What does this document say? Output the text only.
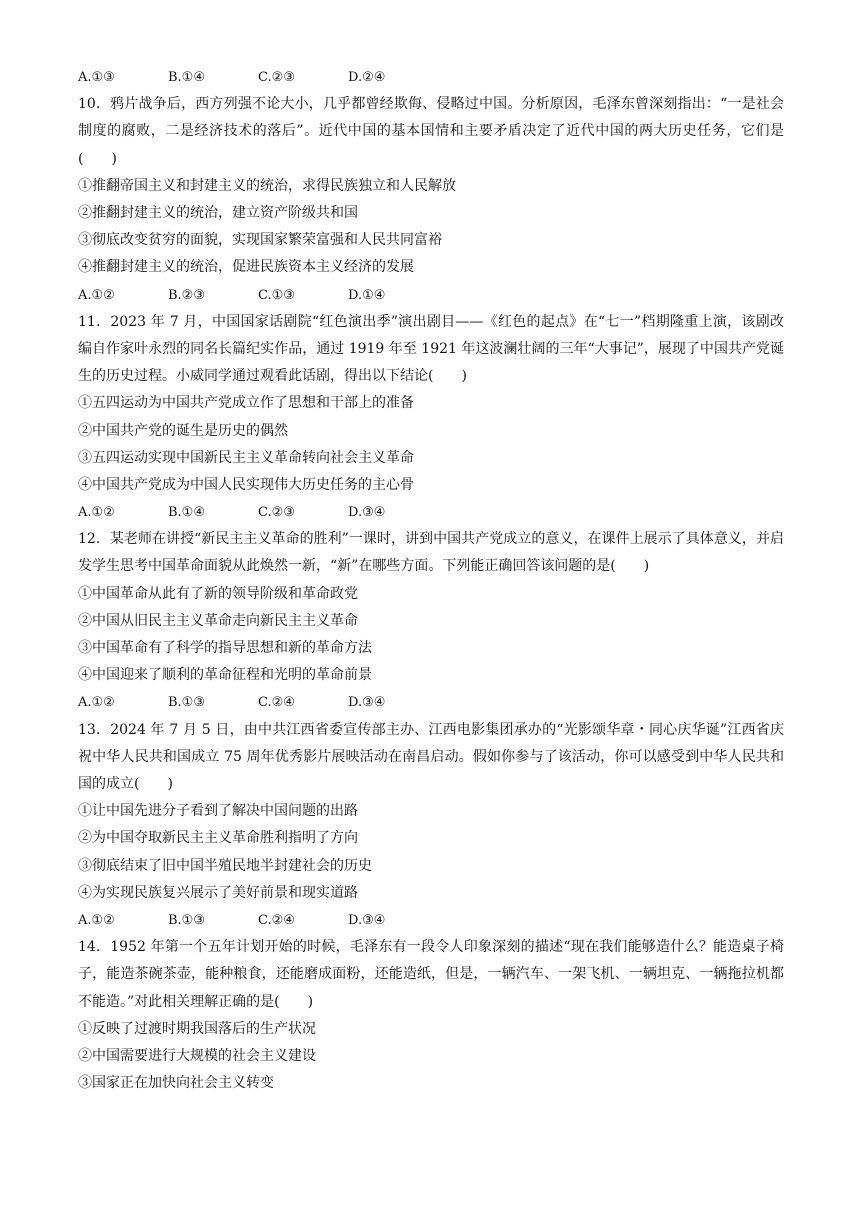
A.①③	B.①④	C.②③	D.②④
10．鸦片战争后，西方列强不论大小，几乎都曾经欺侮、侵略过中国。分析原因，毛泽东曾深刻指出：“一是社会制度的腐败，二是经济技术的落后”。近代中国的基本国情和主要矛盾决定了近代中国的两大历史任务，它们是(　　)
①推翻帝国主义和封建主义的统治，求得民族独立和人民解放
②推翻封建主义的统治，建立资产阶级共和国
③彻底改变贫穷的面貌，实现国家繁荣富强和人民共同富裕
④推翻封建主义的统治，促进民族资本主义经济的发展
A.①②	B.②③	C.①③	D.①④
11．2023 年 7 月，中国国家话剧院“红色演出季”演出剧目——《红色的起点》在“七一”档期隆重上演，该剧改编自作家叶永烈的同名长篇纪实作品，通过 1919 年至 1921 年这波澜壮阔的三年“大事记”，展现了中国共产党诞生的历史过程。小威同学通过观看此话剧，得出以下结论(　　)
①五四运动为中国共产党成立作了思想和干部上的准备
②中国共产党的诞生是历史的偶然
③五四运动实现中国新民主主义革命转向社会主义革命
④中国共产党成为中国人民实现伟大历史任务的主心骨
A.①②	B.①④	C.②③	D.③④
12．某老师在讲授“新民主主义革命的胜利”一课时，讲到中国共产党成立的意义，在课件上展示了具体意义，并启发学生思考中国革命面貌从此焕然一新，“新”在哪些方面。下列能正确回答该问题的是(　　)
①中国革命从此有了新的领导阶级和革命政党
②中国从旧民主主义革命走向新民主主义革命
③中国革命有了科学的指导思想和新的革命方法
④中国迎来了顺利的革命征程和光明的革命前景
A.①②	B.①③	C.②④	D.③④
13．2024 年 7 月 5 日，由中共江西省委宣传部主办、江西电影集团承办的“光影颂华章・同心庆华诞”江西省庆祝中华人民共和国成立 75 周年优秀影片展映活动在南昌启动。假如你参与了该活动，你可以感受到中华人民共和国的成立(　　)
①让中国先进分子看到了解决中国问题的出路
②为中国夺取新民主主义革命胜利指明了方向
③彻底结束了旧中国半殖民地半封建社会的历史
④为实现民族复兴展示了美好前景和现实道路
A.①②	B.①③	C.②④	D.③④
14．1952 年第一个五年计划开始的时候，毛泽东有一段令人印象深刻的描述“现在我们能够造什么？能造桌子椅子，能造茶碗茶壶，能种粮食，还能磨成面粉，还能造纸，但是，一辆汽车、一架飞机、一辆坦克、一辆拖拉机都不能造。”对此相关理解正确的是(　　)
①反映了过渡时期我国落后的生产状况
②中国需要进行大规模的社会主义建设
③国家正在加快向社会主义转变
